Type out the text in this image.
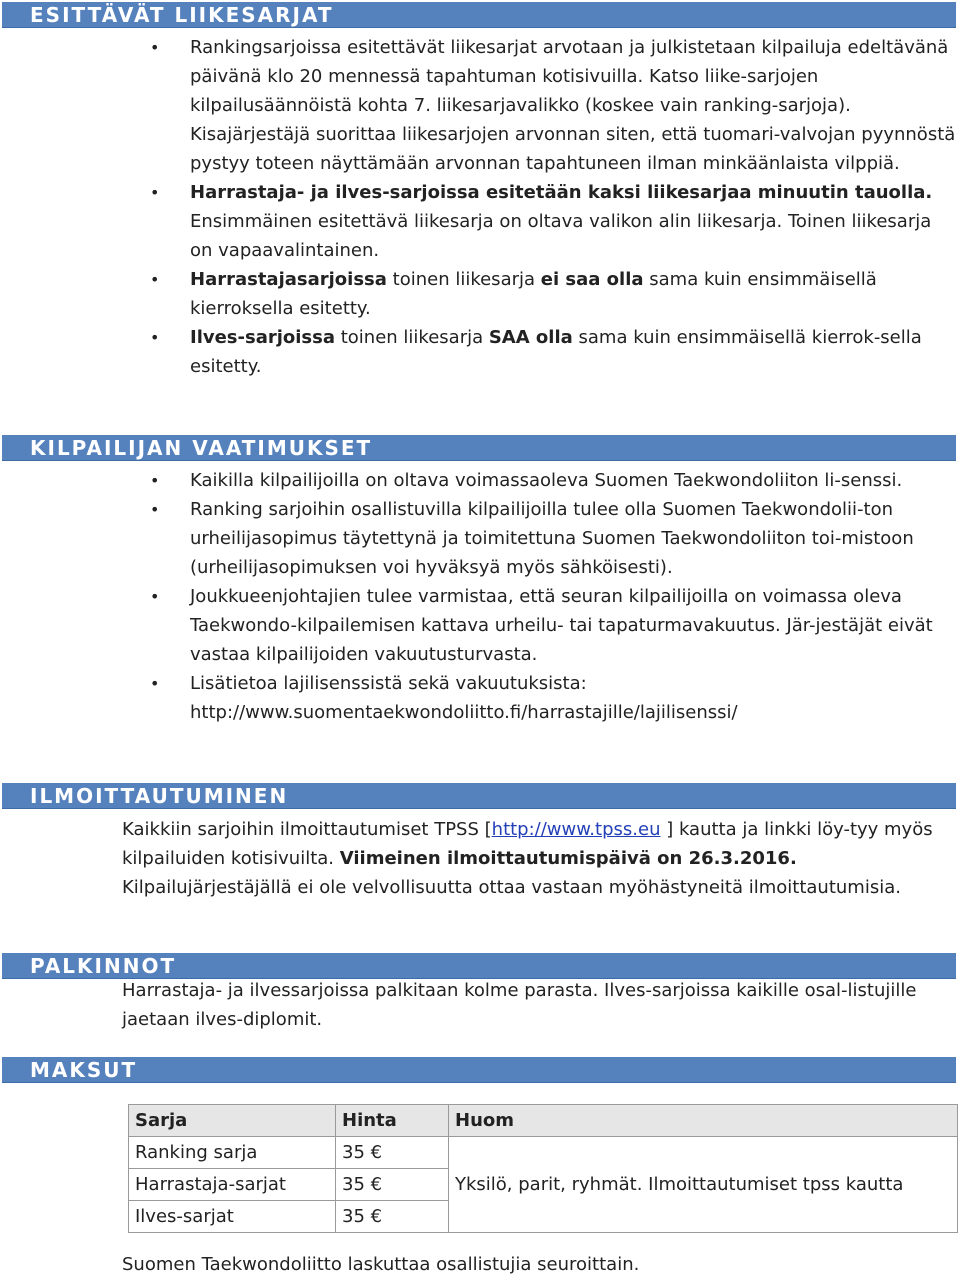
ESITTÄVÄT LIIKESARJAT
• Rankingsarjoissa esitettävät liikesarjat arvotaan ja julkistetaan kilpailuja edeltävänä päivänä klo 20 mennessä tapahtuman kotisivuilla. Katso liike-sarjojen kilpailusäännöistä kohta 7. liikesarjavalikko (koskee vain ranking-sarjoja). Kisajärjestäjä suorittaa liikesarjojen arvonnan siten, että tuomari-valvojan pyynnöstä pystyy toteen näyttämään arvonnan tapahtuneen ilman minkäänlaista vilppiä.
• Harrastaja- ja ilves-sarjoissa esitetään kaksi liikesarjaa minuutin tauolla. Ensimmäinen esitettävä liikesarja on oltava valikon alin liikesarja. Toinen liikesarja on vapaavalintainen.
• Harrastajasarjoissa toinen liikesarja ei saa olla sama kuin ensimmäisellä kierroksella esitetty.
• Ilves-sarjoissa toinen liikesarja SAA olla sama kuin ensimmäisellä kierrok-sella esitetty.
KILPAILIJAN VAATIMUKSET
• Kaikilla kilpailijoilla on oltava voimassaoleva Suomen Taekwondoliiton li-senssi.
• Ranking sarjoihin osallistuvilla kilpailijoilla tulee olla Suomen Taekwondolii-ton urheilijasopimus täytettynä ja toimitettuna Suomen Taekwondoliiton toi-mistoon (urheilijasopimuksen voi hyväksyä myös sähköisesti).
• Joukkueenjohtajien tulee varmistaa, että seuran kilpailijoilla on voimassa oleva Taekwondo-kilpailemisen kattava urheilu- tai tapaturmavakuutus. Jär-jestäjät eivät vastaa kilpailijoiden vakuutusturvasta.
• Lisätietoa lajilisenssistä sekä vakuutuksista:
http://www.suomentaekwondoliitto.fi/harrastajille/lajilisenssi/
ILMOITTAUTUMINEN
Kaikkiin sarjoihin ilmoittautumiset TPSS [http://www.tpss.eu ] kautta ja linkki löy-tyy myös kilpailuiden kotisivuilta. Viimeinen ilmoittautumispäivä on 26.3.2016. Kilpailujärjestäjällä ei ole velvollisuutta ottaa vastaan myöhästyneitä ilmoittautumisia.
PALKINNOT
Harrastaja- ja ilvessarjoissa palkitaan kolme parasta. Ilves-sarjoissa kaikille osal-listujille jaetaan ilves-diplomit.
MAKSUT
Sarja	Hinta	Huom
Ranking sarja	35 €	Yksilö, parit, ryhmät. Ilmoittautumiset tpss kautta
Harrastaja-sarjat	35 €	
Ilves-sarjat	35 €	
Suomen Taekwondoliitto laskuttaa osallistujia seuroittain.
